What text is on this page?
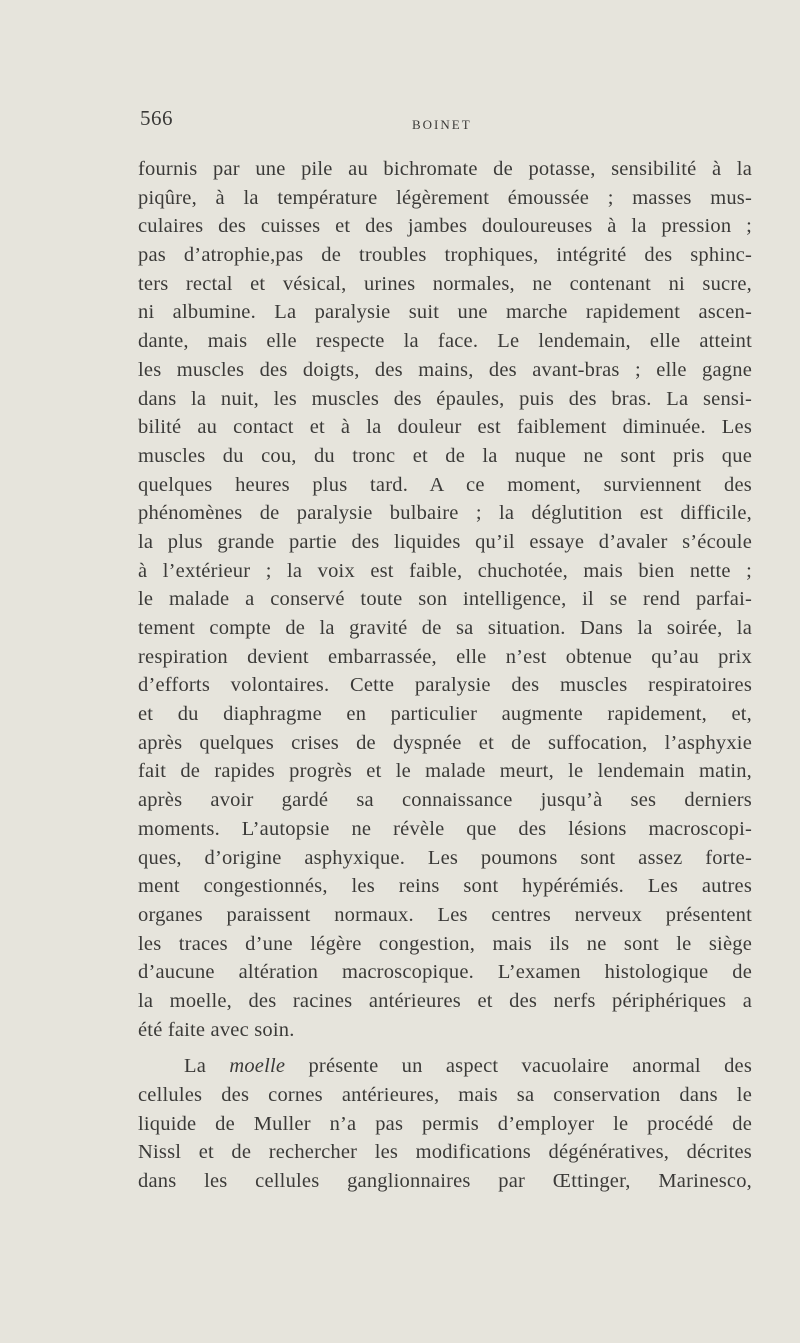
566	BOINET
fournis par une pile au bichromate de potasse, sensibilité à la
piqûre, à la température légèrement émoussée ; masses mus-
culaires des cuisses et des jambes douloureuses à la pression ;
pas d’atrophie,pas de troubles trophiques, intégrité des sphinc-
ters rectal et vésical, urines normales, ne contenant ni sucre,
ni albumine. La paralysie suit une marche rapidement ascen-
dante, mais elle respecte la face. Le lendemain, elle atteint
les muscles des doigts, des mains, des avant-bras ; elle gagne
dans la nuit, les muscles des épaules, puis des bras. La sensi-
bilité au contact et à la douleur est faiblement diminuée. Les
muscles du cou, du tronc et de la nuque ne sont pris que
quelques heures plus tard. A ce moment, surviennent des
phénomènes de paralysie bulbaire ; la déglutition est difficile,
la plus grande partie des liquides qu’il essaye d’avaler s’écoule
à l’extérieur ; la voix est faible, chuchotée, mais bien nette ;
le malade a conservé toute son intelligence, il se rend parfai-
tement compte de la gravité de sa situation. Dans la soirée, la
respiration devient embarrassée, elle n’est obtenue qu’au prix
d’efforts volontaires. Cette paralysie des muscles respiratoires
et du diaphragme en particulier augmente rapidement, et,
après quelques crises de dyspnée et de suffocation, l’asphyxie
fait de rapides progrès et le malade meurt, le lendemain matin,
après avoir gardé sa connaissance jusqu’à ses derniers
moments. L’autopsie ne révèle que des lésions macroscopi-
ques, d’origine asphyxique. Les poumons sont assez forte-
ment congestionnés, les reins sont hypérémiés. Les autres
organes paraissent normaux. Les centres nerveux présentent
les traces d’une légère congestion, mais ils ne sont le siège
d’aucune altération macroscopique. L’examen histologique de
la moelle, des racines antérieures et des nerfs périphériques a
été faite avec soin.
La moelle présente un aspect vacuolaire anormal des
cellules des cornes antérieures, mais sa conservation dans le
liquide de Muller n’a pas permis d’employer le procédé de
Nissl et de rechercher les modifications dégénératives, décrites
dans les cellules ganglionnaires par Œttinger, Marinesco,
